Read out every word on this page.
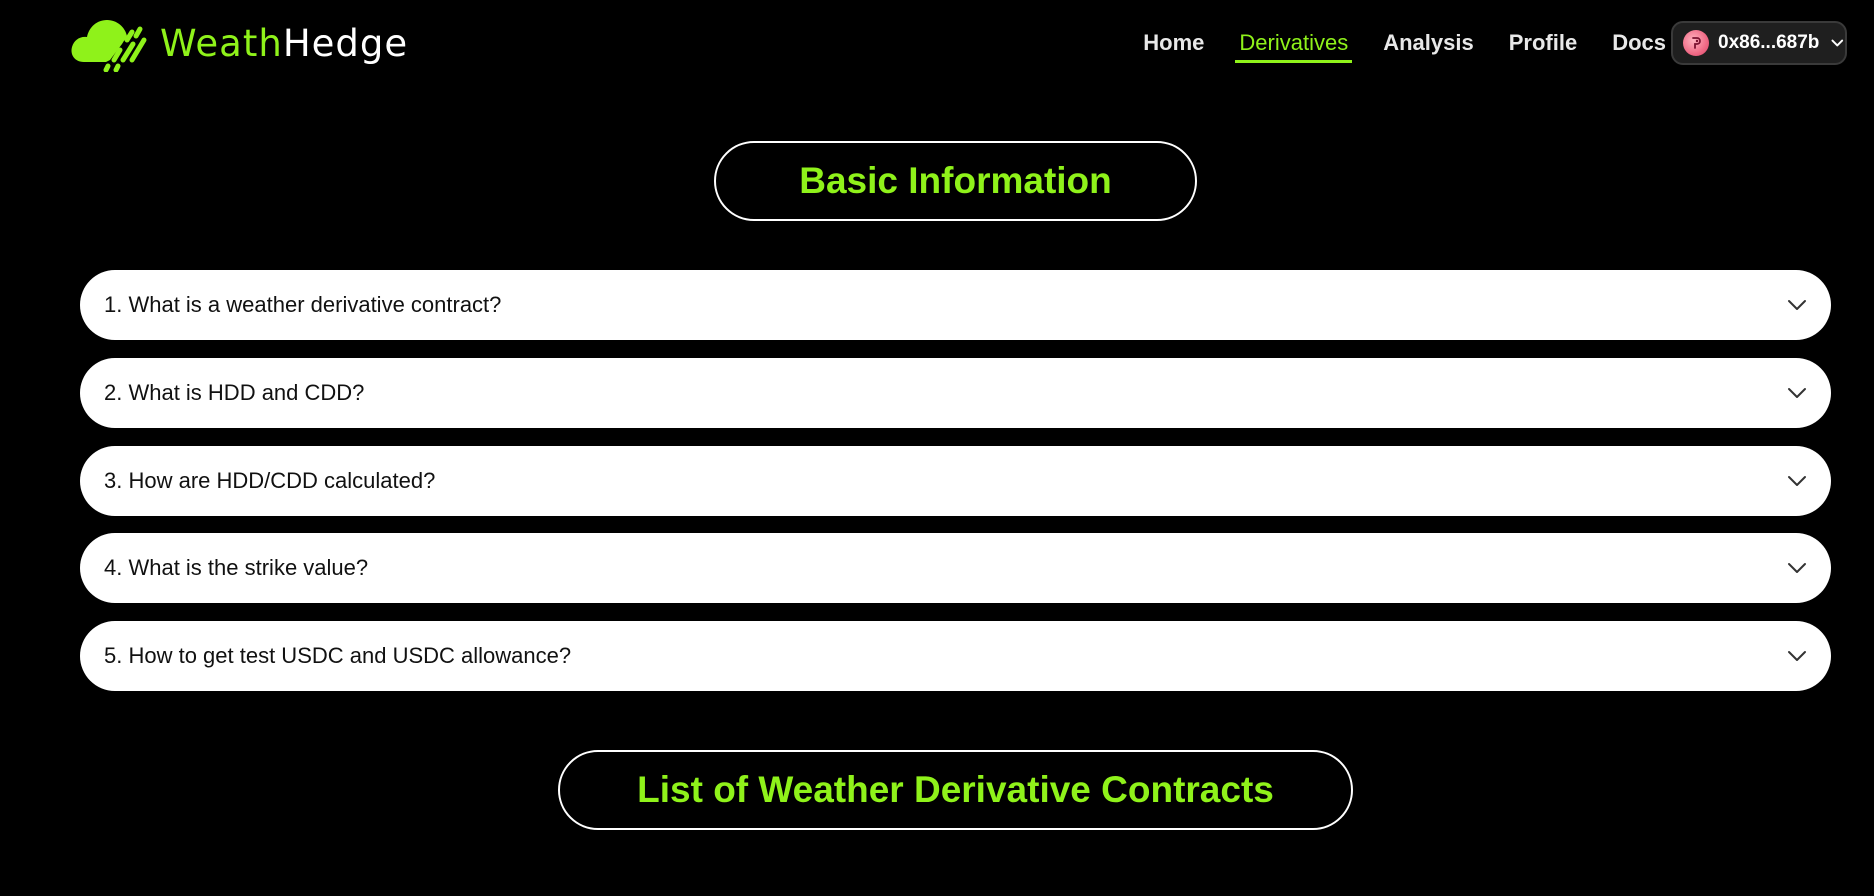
WeathHedge	Home Derivatives Analysis Profile Docs	0x86...687b
Basic Information
1. What is a weather derivative contract?
2. What is HDD and CDD?
3. How are HDD/CDD calculated?
4. What is the strike value?
5. How to get test USDC and USDC allowance?
List of Weather Derivative Contracts
